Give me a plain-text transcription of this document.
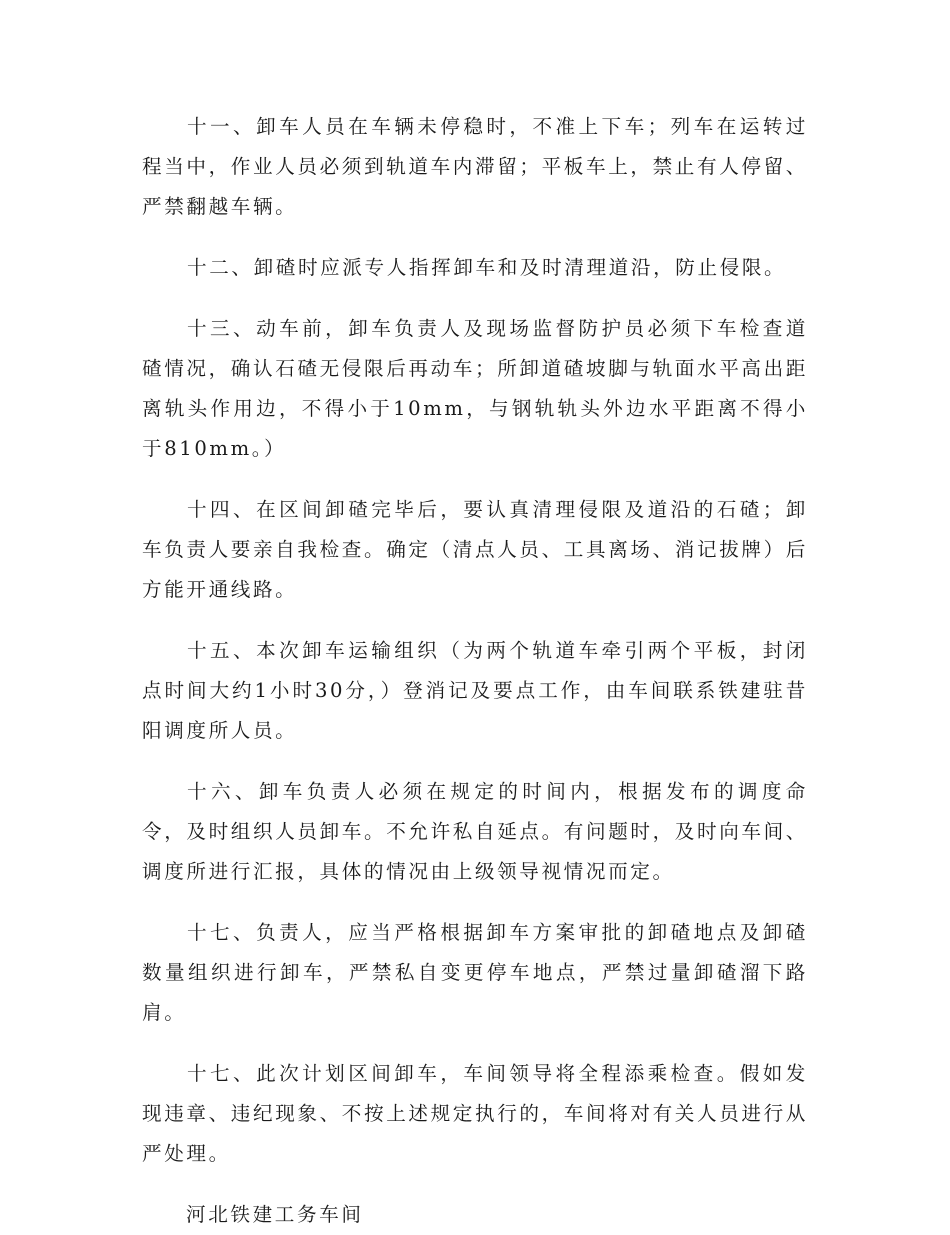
十一、卸车人员在车辆未停稳时，不准上下车；列车在运转过程当中，作业人员必须到轨道车内滞留；平板车上，禁止有人停留、严禁翻越车辆。

十二、卸碴时应派专人指挥卸车和及时清理道沿，防止侵限。

十三、动车前，卸车负责人及现场监督防护员必须下车检查道碴情况，确认石碴无侵限后再动车；所卸道碴坡脚与轨面水平高出距离轨头作用边，不得小于10mm，与钢轨轨头外边水平距离不得小于810mm。）

十四、在区间卸碴完毕后，要认真清理侵限及道沿的石碴；卸车负责人要亲自我检查。确定（清点人员、工具离场、消记拔牌）后方能开通线路。

十五、本次卸车运输组织（为两个轨道车牵引两个平板，封闭点时间大约1小时30分，）登消记及要点工作，由车间联系铁建驻昔阳调度所人员。

十六、卸车负责人必须在规定的时间内，根据发布的调度命令，及时组织人员卸车。不允许私自延点。有问题时，及时向车间、调度所进行汇报，具体的情况由上级领导视情况而定。

十七、负责人，应当严格根据卸车方案审批的卸碴地点及卸碴数量组织进行卸车，严禁私自变更停车地点，严禁过量卸碴溜下路肩。

十七、此次计划区间卸车，车间领导将全程添乘检查。假如发现违章、违纪现象、不按上述规定执行的，车间将对有关人员进行从严处理。

河北铁建工务车间
